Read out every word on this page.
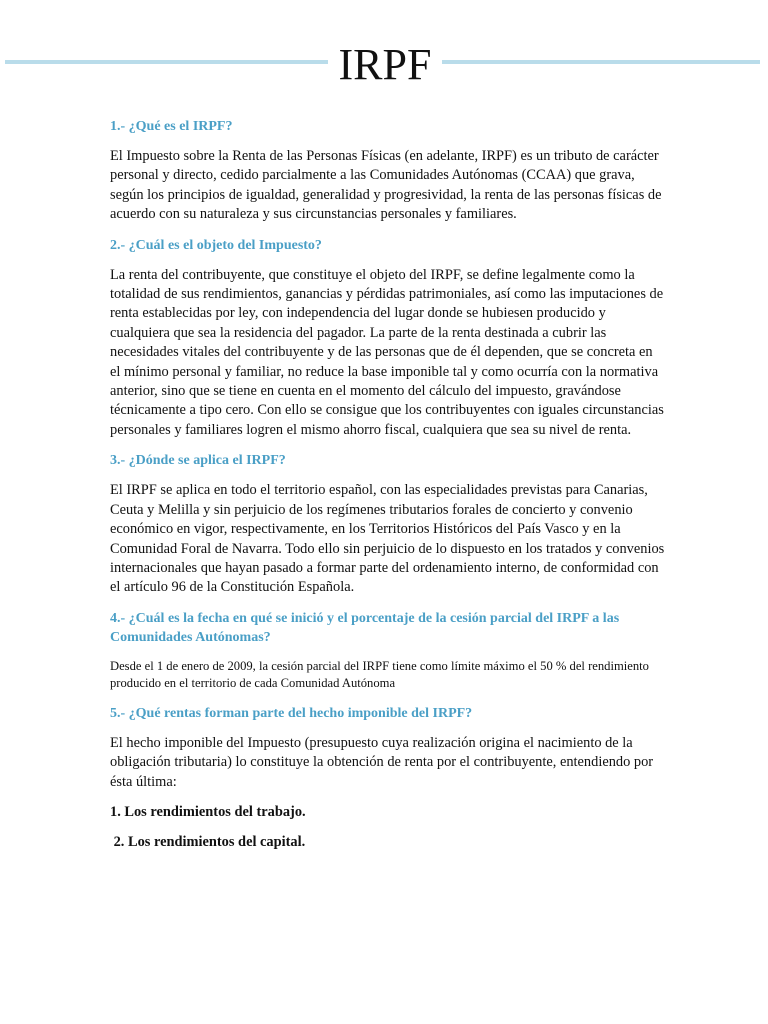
IRPF
1.- ¿Qué es el IRPF?

El Impuesto sobre la Renta de las Personas Físicas (en adelante, IRPF) es un tributo de carácter personal y directo, cedido parcialmente a las Comunidades Autónomas (CCAA) que grava, según los principios de igualdad, generalidad y progresividad, la renta de las personas físicas de acuerdo con su naturaleza y sus circunstancias personales y familiares.

2.- ¿Cuál es el objeto del Impuesto?

La renta del contribuyente, que constituye el objeto del IRPF, se define legalmente como la totalidad de sus rendimientos, ganancias y pérdidas patrimoniales, así como las imputaciones de renta establecidas por ley, con independencia del lugar donde se hubiesen producido y cualquiera que sea la residencia del pagador. La parte de la renta destinada a cubrir las necesidades vitales del contribuyente y de las personas que de él dependen, que se concreta en el mínimo personal y familiar, no reduce la base imponible tal y como ocurría con la normativa anterior, sino que se tiene en cuenta en el momento del cálculo del impuesto, gravándose técnicamente a tipo cero. Con ello se consigue que los contribuyentes con iguales circunstancias personales y familiares logren el mismo ahorro fiscal, cualquiera que sea su nivel de renta.

3.- ¿Dónde se aplica el IRPF?

El IRPF se aplica en todo el territorio español, con las especialidades previstas para Canarias, Ceuta y Melilla y sin perjuicio de los regímenes tributarios forales de concierto y convenio económico en vigor, respectivamente, en los Territorios Históricos del País Vasco y en la Comunidad Foral de Navarra. Todo ello sin perjuicio de lo dispuesto en los tratados y convenios internacionales que hayan pasado a formar parte del ordenamiento interno, de conformidad con el artículo 96 de la Constitución Española.

4.- ¿Cuál es la fecha en qué se inició y el porcentaje de la cesión parcial del IRPF a las Comunidades Autónomas?

Desde el 1 de enero de 2009, la cesión parcial del IRPF tiene como límite máximo el 50 % del rendimiento producido en el territorio de cada Comunidad Autónoma

5.- ¿Qué rentas forman parte del hecho imponible del IRPF?

El hecho imponible del Impuesto (presupuesto cuya realización origina el nacimiento de la obligación tributaria) lo constituye la obtención de renta por el contribuyente, entendiendo por ésta última:

1. Los rendimientos del trabajo.

2. Los rendimientos del capital.
